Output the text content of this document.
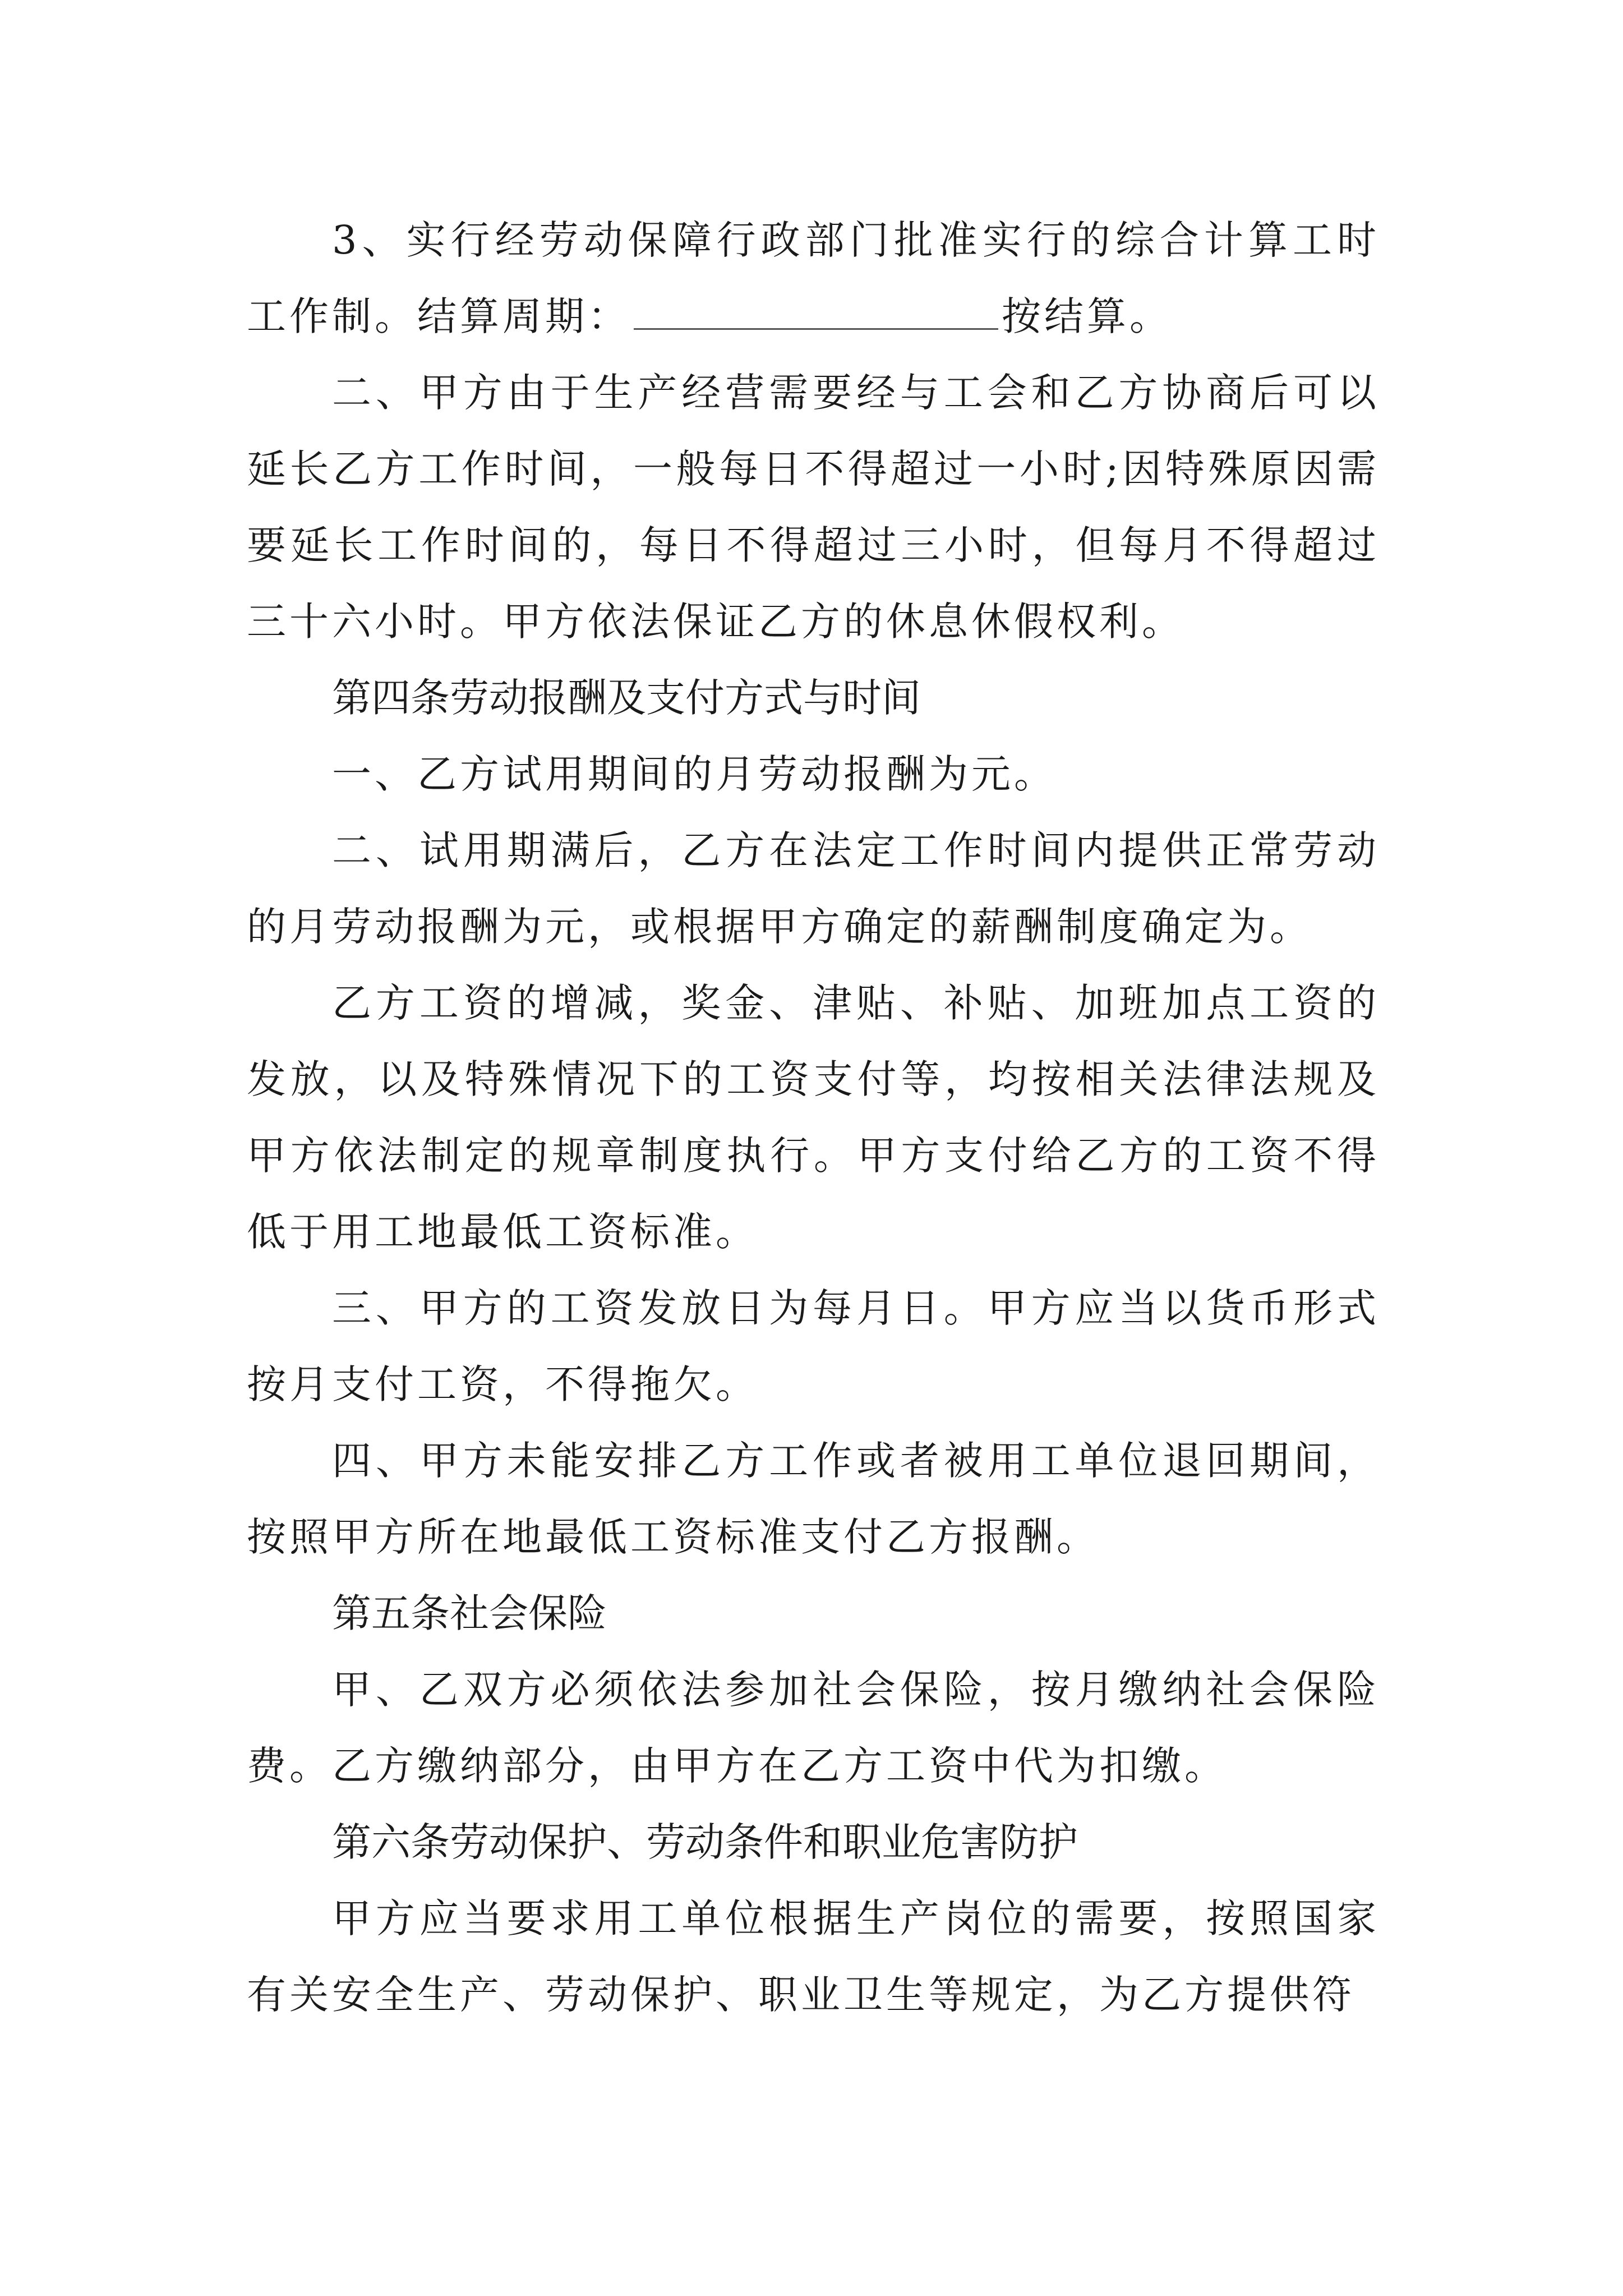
3、实行经劳动保障行政部门批准实行的综合计算工时工作制。结算周期：	按结算。

二、甲方由于生产经营需要经与工会和乙方协商后可以延长乙方工作时间，一般每日不得超过一小时;因特殊原因需要延长工作时间的，每日不得超过三小时，但每月不得超过三十六小时。甲方依法保证乙方的休息休假权利。

第四条劳动报酬及支付方式与时间

一、乙方试用期间的月劳动报酬为元。

二、试用期满后，乙方在法定工作时间内提供正常劳动的月劳动报酬为元，或根据甲方确定的薪酬制度确定为。

乙方工资的增减，奖金、津贴、补贴、加班加点工资的发放，以及特殊情况下的工资支付等，均按相关法律法规及甲方依法制定的规章制度执行。甲方支付给乙方的工资不得低于用工地最低工资标准。

三、甲方的工资发放日为每月日。甲方应当以货币形式按月支付工资，不得拖欠。

四、甲方未能安排乙方工作或者被用工单位退回期间，按照甲方所在地最低工资标准支付乙方报酬。

第五条社会保险

甲、乙双方必须依法参加社会保险，按月缴纳社会保险费。乙方缴纳部分，由甲方在乙方工资中代为扣缴。

第六条劳动保护、劳动条件和职业危害防护

甲方应当要求用工单位根据生产岗位的需要，按照国家有关安全生产、劳动保护、职业卫生等规定，为乙方提供符
